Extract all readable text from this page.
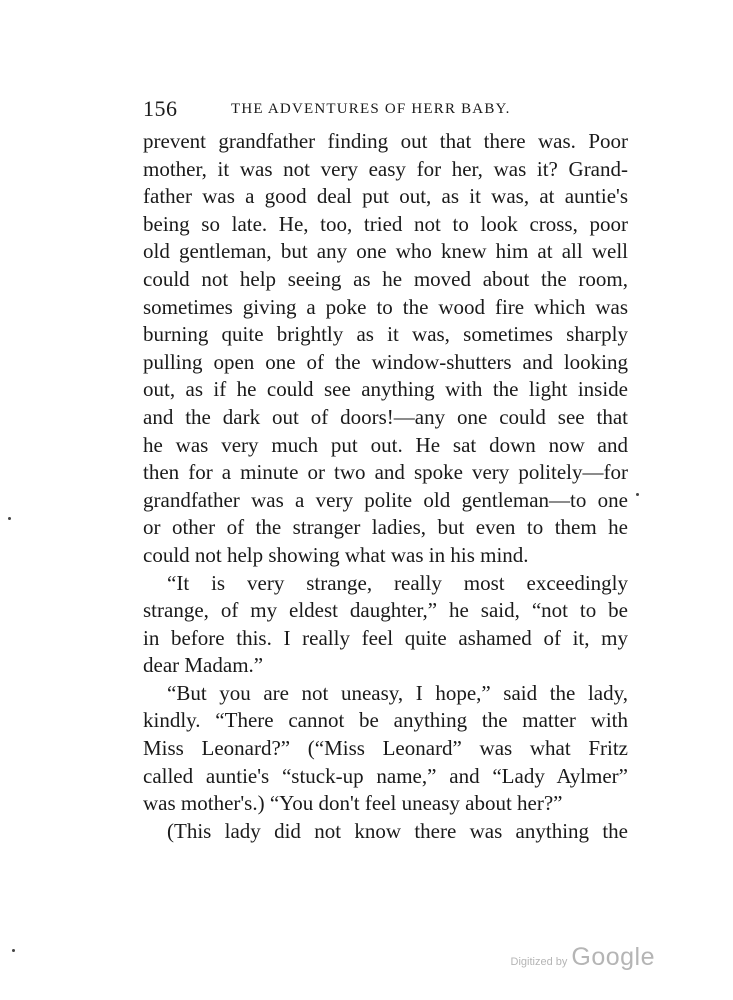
156	THE ADVENTURES OF HERR BABY.
prevent grandfather finding out that there was. Poor
mother, it was not very easy for her, was it? Grand-
father was a good deal put out, as it was, at auntie's
being so late. He, too, tried not to look cross, poor
old gentleman, but any one who knew him at all well
could not help seeing as he moved about the room,
sometimes giving a poke to the wood fire which was
burning quite brightly as it was, sometimes sharply
pulling open one of the window-shutters and looking
out, as if he could see anything with the light inside
and the dark out of doors!—any one could see that
he was very much put out. He sat down now and
then for a minute or two and spoke very politely—for
grandfather was a very polite old gentleman—to one
or other of the stranger ladies, but even to them he
could not help showing what was in his mind.
“It is very strange, really most exceedingly
strange, of my eldest daughter,” he said, “not to be
in before this. I really feel quite ashamed of it, my
dear Madam.”
“But you are not uneasy, I hope,” said the lady,
kindly. “There cannot be anything the matter with
Miss Leonard?” (“Miss Leonard” was what Fritz
called auntie's “stuck-up name,” and “Lady Aylmer”
was mother's.) “You don't feel uneasy about her?”
(This lady did not know there was anything the
Digitized by Google
